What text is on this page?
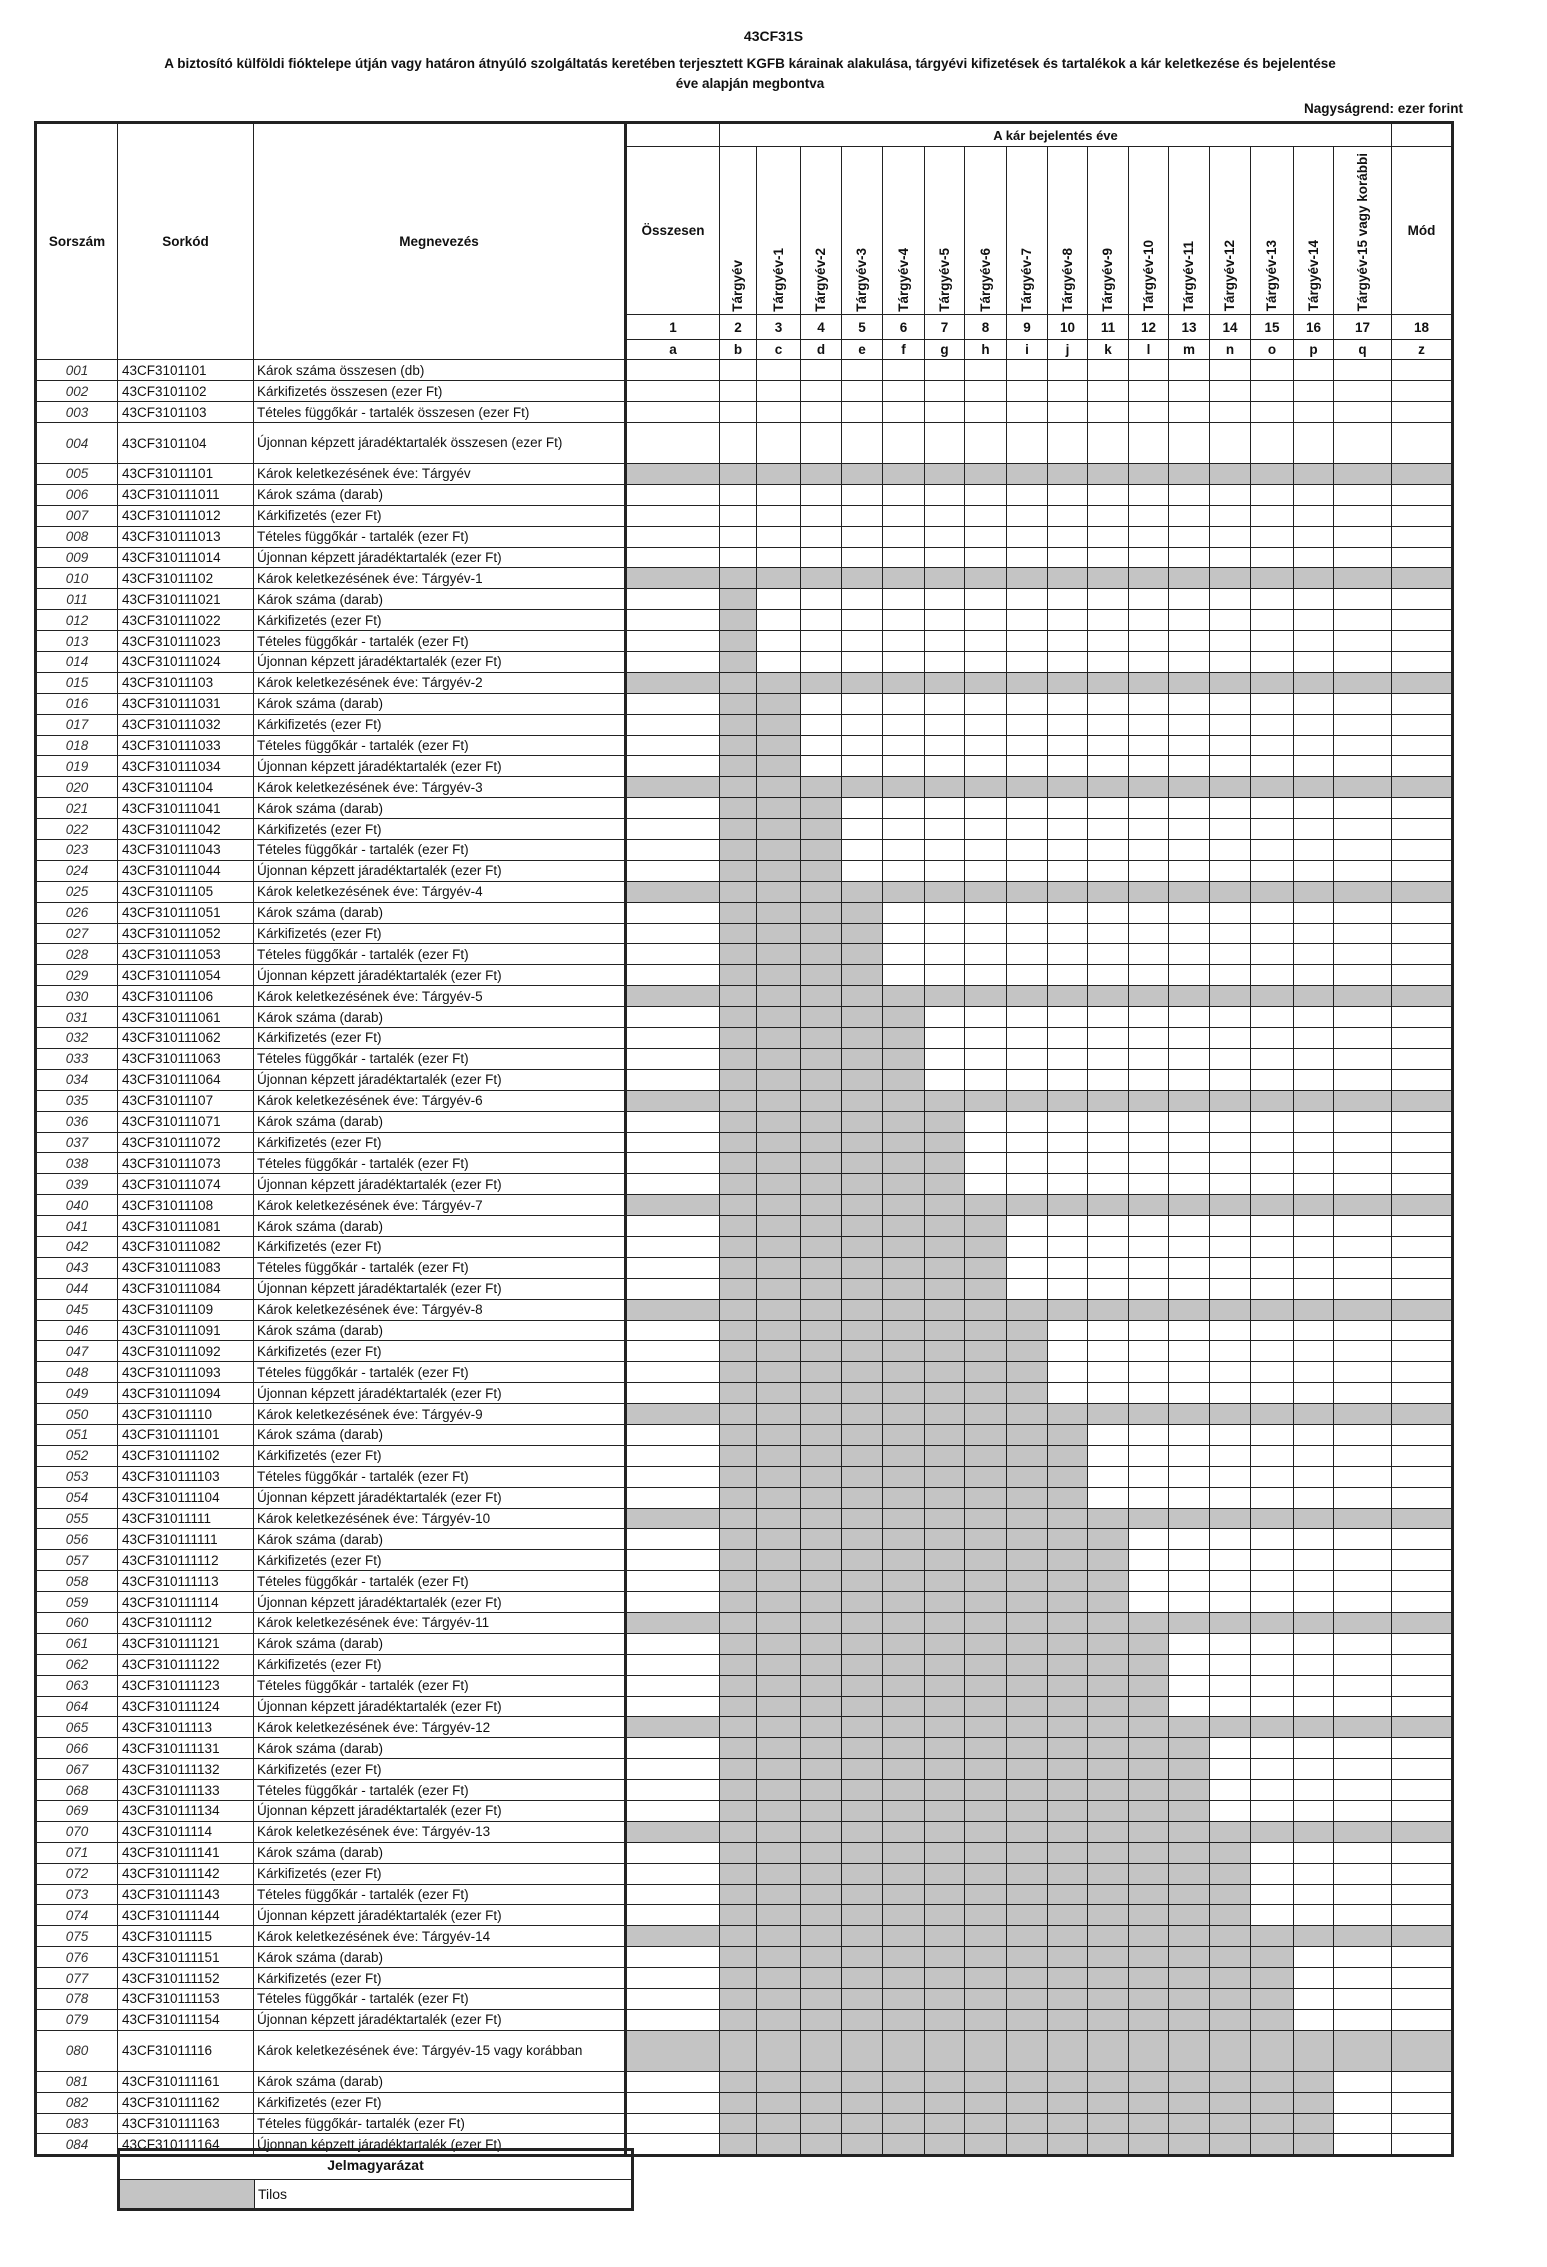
43CF31S
A biztosító külföldi fióktelepe útján vagy határon átnyúló szolgáltatás keretében terjesztett KGFB kárainak alakulása, tárgyévi kifizetések és tartalékok a kár keletkezése és bejelentése
éve alapján megbontva
Nagyságrend: ezer forint
Sorszám	Sorkód	Megnevezés		A kár bejelentés éve																
			Összesen	Tárgyév	Tárgyév-1	Tárgyév-2	Tárgyév-3	Tárgyév-4	Tárgyév-5	Tárgyév-6	Tárgyév-7	Tárgyév-8	Tárgyév-9	Tárgyév-10	Tárgyév-11	Tárgyév-12	Tárgyév-13	Tárgyév-14	Tárgyév-15 vagy korábbi	Mód
			1	2	3	4	5	6	7	8	9	10	11	12	13	14	15	16	17	18
			a	b	c	d	e	f	g	h	i	j	k	l	m	n	o	p	q	z
001	43CF3101101	Károk száma összesen (db)																		
002	43CF3101102	Kárkifizetés összesen (ezer Ft)																		
003	43CF3101103	Tételes függőkár - tartalék összesen (ezer Ft)																		
004	43CF3101104	Újonnan képzett járadéktartalék összesen (ezer Ft)																		
005	43CF31011101	Károk keletkezésének éve: Tárgyév																		
006	43CF310111011	Károk száma (darab)																		
007	43CF310111012	Kárkifizetés (ezer Ft)																		
008	43CF310111013	Tételes függőkár - tartalék (ezer Ft)																		
009	43CF310111014	Újonnan képzett járadéktartalék (ezer Ft)																		
010	43CF31011102	Károk keletkezésének éve: Tárgyév-1																		
011	43CF310111021	Károk száma (darab)																		
012	43CF310111022	Kárkifizetés (ezer Ft)																		
013	43CF310111023	Tételes függőkár - tartalék (ezer Ft)																		
014	43CF310111024	Újonnan képzett járadéktartalék (ezer Ft)																		
015	43CF31011103	Károk keletkezésének éve: Tárgyév-2																		
016	43CF310111031	Károk száma (darab)																		
017	43CF310111032	Kárkifizetés (ezer Ft)																		
018	43CF310111033	Tételes függőkár - tartalék (ezer Ft)																		
019	43CF310111034	Újonnan képzett járadéktartalék (ezer Ft)																		
020	43CF31011104	Károk keletkezésének éve: Tárgyév-3																		
021	43CF310111041	Károk száma (darab)																		
022	43CF310111042	Kárkifizetés (ezer Ft)																		
023	43CF310111043	Tételes függőkár - tartalék (ezer Ft)																		
024	43CF310111044	Újonnan képzett járadéktartalék (ezer Ft)																		
025	43CF31011105	Károk keletkezésének éve: Tárgyév-4																		
026	43CF310111051	Károk száma (darab)																		
027	43CF310111052	Kárkifizetés (ezer Ft)																		
028	43CF310111053	Tételes függőkár - tartalék (ezer Ft)																		
029	43CF310111054	Újonnan képzett járadéktartalék (ezer Ft)																		
030	43CF31011106	Károk keletkezésének éve: Tárgyév-5																		
031	43CF310111061	Károk száma (darab)																		
032	43CF310111062	Kárkifizetés (ezer Ft)																		
033	43CF310111063	Tételes függőkár - tartalék (ezer Ft)																		
034	43CF310111064	Újonnan képzett járadéktartalék (ezer Ft)																		
035	43CF31011107	Károk keletkezésének éve: Tárgyév-6																		
036	43CF310111071	Károk száma (darab)																		
037	43CF310111072	Kárkifizetés (ezer Ft)																		
038	43CF310111073	Tételes függőkár - tartalék (ezer Ft)																		
039	43CF310111074	Újonnan képzett járadéktartalék (ezer Ft)																		
040	43CF31011108	Károk keletkezésének éve: Tárgyév-7																		
041	43CF310111081	Károk száma (darab)																		
042	43CF310111082	Kárkifizetés (ezer Ft)																		
043	43CF310111083	Tételes függőkár - tartalék (ezer Ft)																		
044	43CF310111084	Újonnan képzett járadéktartalék (ezer Ft)																		
045	43CF31011109	Károk keletkezésének éve: Tárgyév-8																		
046	43CF310111091	Károk száma (darab)																		
047	43CF310111092	Kárkifizetés (ezer Ft)																		
048	43CF310111093	Tételes függőkár - tartalék (ezer Ft)																		
049	43CF310111094	Újonnan képzett járadéktartalék (ezer Ft)																		
050	43CF31011110	Károk keletkezésének éve: Tárgyév-9																		
051	43CF310111101	Károk száma (darab)																		
052	43CF310111102	Kárkifizetés (ezer Ft)																		
053	43CF310111103	Tételes függőkár - tartalék (ezer Ft)																		
054	43CF310111104	Újonnan képzett járadéktartalék (ezer Ft)																		
055	43CF31011111	Károk keletkezésének éve: Tárgyév-10																		
056	43CF310111111	Károk száma (darab)																		
057	43CF310111112	Kárkifizetés (ezer Ft)																		
058	43CF310111113	Tételes függőkár - tartalék (ezer Ft)																		
059	43CF310111114	Újonnan képzett járadéktartalék (ezer Ft)																		
060	43CF31011112	Károk keletkezésének éve: Tárgyév-11																		
061	43CF310111121	Károk száma (darab)																		
062	43CF310111122	Kárkifizetés (ezer Ft)																		
063	43CF310111123	Tételes függőkár - tartalék (ezer Ft)																		
064	43CF310111124	Újonnan képzett járadéktartalék (ezer Ft)																		
065	43CF31011113	Károk keletkezésének éve: Tárgyév-12																		
066	43CF310111131	Károk száma (darab)																		
067	43CF310111132	Kárkifizetés (ezer Ft)																		
068	43CF310111133	Tételes függőkár - tartalék (ezer Ft)																		
069	43CF310111134	Újonnan képzett járadéktartalék (ezer Ft)																		
070	43CF31011114	Károk keletkezésének éve: Tárgyév-13																		
071	43CF310111141	Károk száma (darab)																		
072	43CF310111142	Kárkifizetés (ezer Ft)																		
073	43CF310111143	Tételes függőkár - tartalék (ezer Ft)																		
074	43CF310111144	Újonnan képzett járadéktartalék (ezer Ft)																		
075	43CF31011115	Károk keletkezésének éve: Tárgyév-14																		
076	43CF310111151	Károk száma (darab)																		
077	43CF310111152	Kárkifizetés (ezer Ft)																		
078	43CF310111153	Tételes függőkár - tartalék (ezer Ft)																		
079	43CF310111154	Újonnan képzett járadéktartalék (ezer Ft)																		
080	43CF31011116	Károk keletkezésének éve: Tárgyév-15 vagy korábban																		
081	43CF310111161	Károk száma (darab)																		
082	43CF310111162	Kárkifizetés (ezer Ft)																		
083	43CF310111163	Tételes függőkár- tartalék (ezer Ft)																		
084	43CF310111164	Újonnan képzett járadéktartalék (ezer Ft)																		
Jelmagyarázat
	Tilos
